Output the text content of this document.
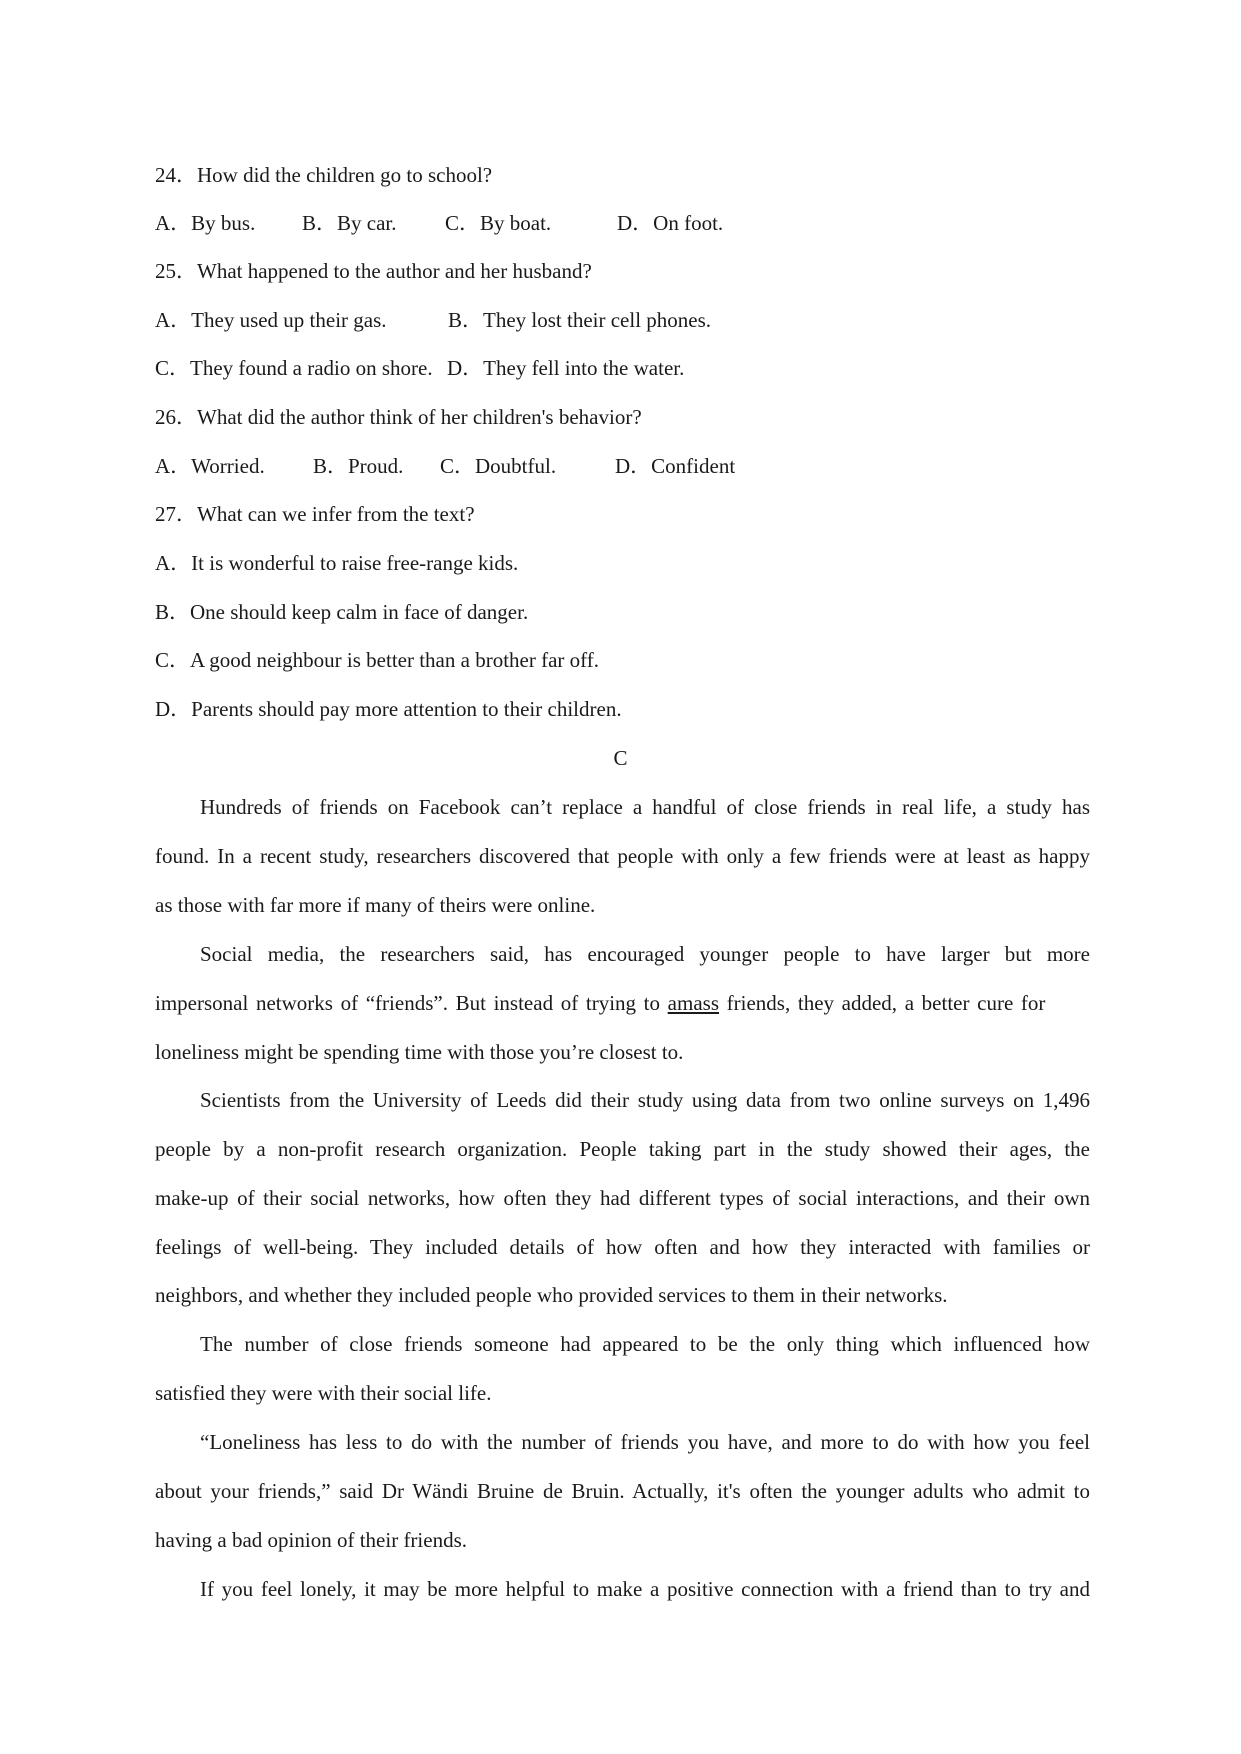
24．How did the children go to school?
A．By bus. B．By car. C．By boat.	D．On foot.
25．What happened to the author and her husband?
A．They used up their gas.	B．They lost their cell phones.
C．They found a radio on shore. D．They fell into the water.
26．What did the author think of her children's behavior?
A．Worried. B．Proud. C．Doubtful.	D．Confident
27．What can we infer from the text?
A．It is wonderful to raise free-range kids.
B．One should keep calm in face of danger.
C．A good neighbour is better than a brother far off.
D．Parents should pay more attention to their children.
C
Hundreds of friends on Facebook can’t replace a handful of close friends in real life, a study has
found. In a recent study, researchers discovered that people with only a few friends were at least as happy
as those with far more if many of theirs were online.
Social media, the researchers said, has encouraged younger people to have larger but more
impersonal networks of “friends”. But instead of trying to amass friends, they added, a better cure for
loneliness might be spending time with those you’re closest to.
Scientists from the University of Leeds did their study using data from two online surveys on 1,496
people by a non-profit research organization. People taking part in the study showed their ages, the
make-up of their social networks, how often they had different types of social interactions, and their own
feelings of well-being. They included details of how often and how they interacted with families or
neighbors, and whether they included people who provided services to them in their networks.
The number of close friends someone had appeared to be the only thing which influenced how
satisfied they were with their social life.
“Loneliness has less to do with the number of friends you have, and more to do with how you feel
about your friends,” said Dr Wändi Bruine de Bruin. Actually, it's often the younger adults who admit to
having a bad opinion of their friends.
If you feel lonely, it may be more helpful to make a positive connection with a friend than to try and
